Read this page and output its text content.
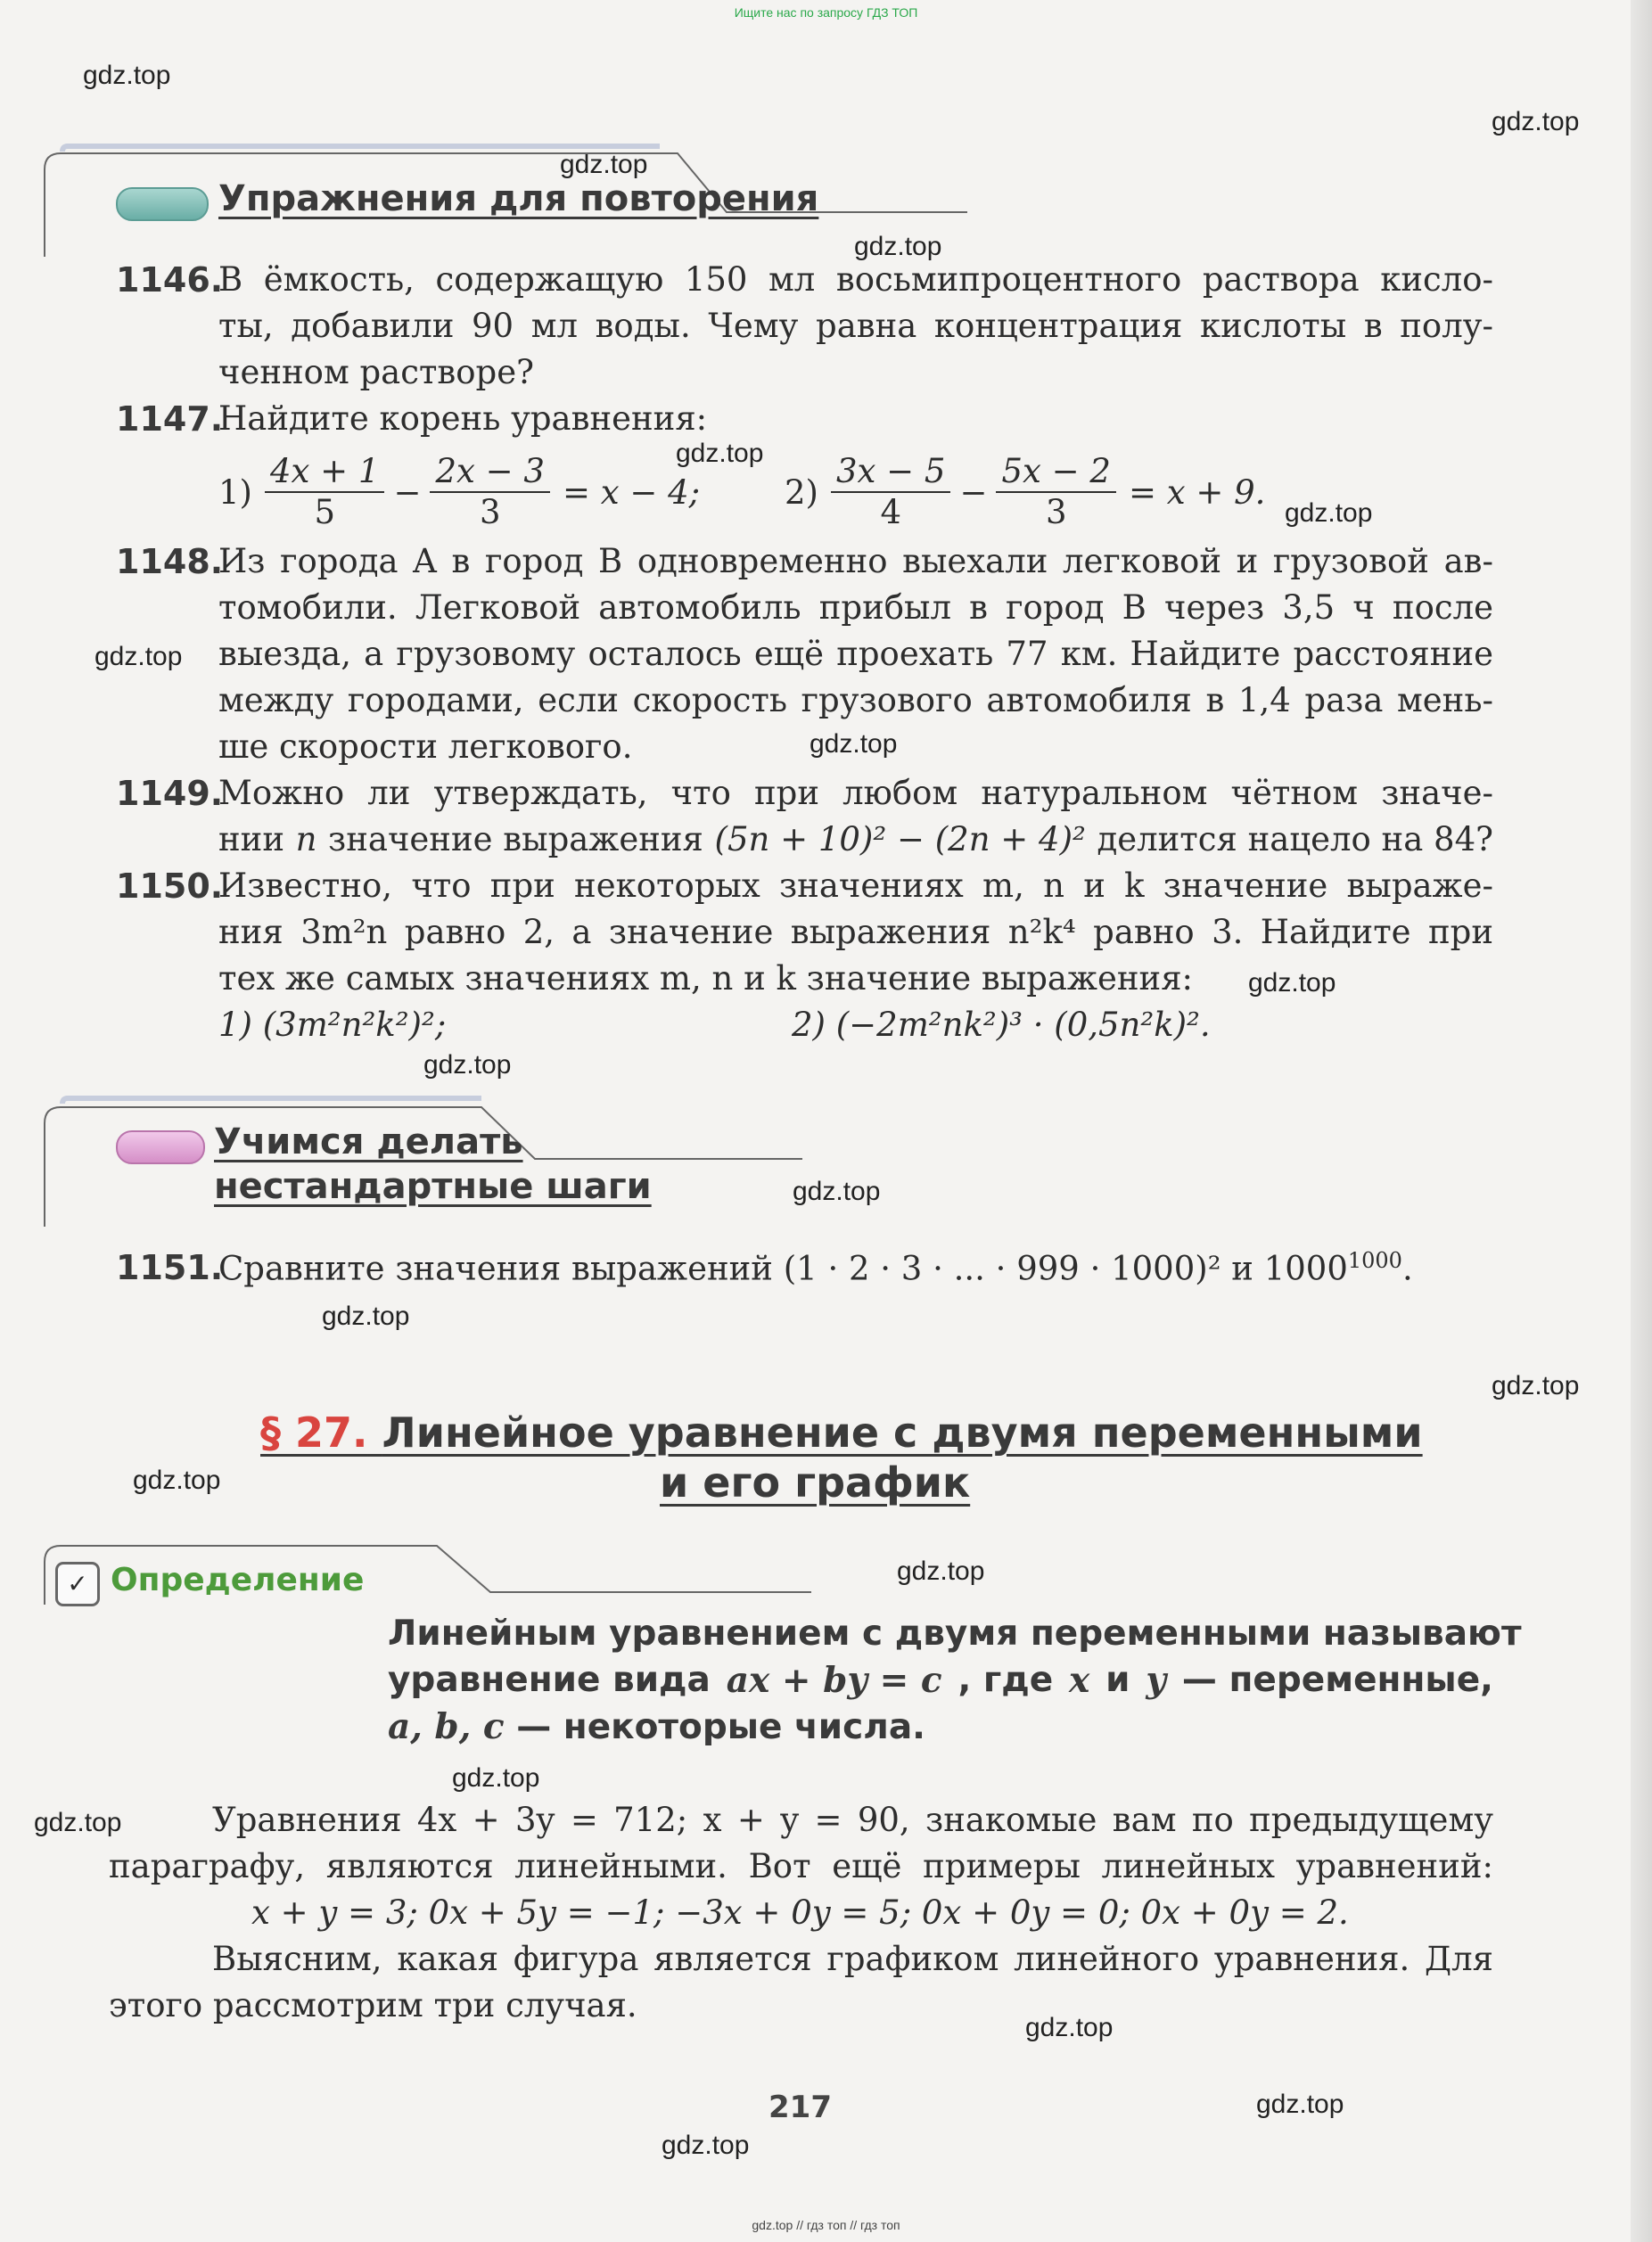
Ищите нас по запросу ГДЗ ТОП
gdz.top
gdz.top
gdz.top
gdz.top
gdz.top
gdz.top
gdz.top
gdz.top
gdz.top
gdz.top
gdz.top
gdz.top
gdz.top
gdz.top
gdz.top
gdz.top
gdz.top
gdz.top
gdz.top
gdz.top
Упражнения для повторения
1146.
В ёмкость, содержащую 150 мл восьмипроцентного раствора кисло-
ты, добавили 90 мл воды. Чему равна концентрация кислоты в полу-
ченном растворе?
1147.
Найдите корень уравнения:
$1) \frac{4x + 1}{5} - \frac{2x - 3}{3} = x - 4$;	$2) \frac{3x - 5}{4} - \frac{5x - 2}{3} = x + 9$.
1148.
Из города A в город B одновременно выехали легковой и грузовой ав-
томобили. Легковой автомобиль прибыл в город B через 3,5 ч после
выезда, а грузовому осталось ещё проехать 77 км. Найдите расстояние
между городами, если скорость грузового автомобиля в 1,4 раза мень-
ше скорости легкового.
1149.
Можно ли утверждать, что при любом натуральном чётном значе-
нии n значение выражения (5n + 10)² − (2n + 4)² делится нацело на 84?
1150.
Известно, что при некоторых значениях m, n и k значение выраже-
ния 3m²n равно 2, а значение выражения n²k⁴ равно 3. Найдите при
тех же самых значениях m, n и k значение выражения:
1) (3m²n²k²)²;	2) (−2m²nk²)³ · (0,5n²k)².
Учимся делать
нестандартные шаги
1151.
Сравните значения выражений (1 · 2 · 3 · ... · 999 · 1000)² и $1000^{1000}$.
§ 27. Линейное уравнение с двумя переменными
и его график
✓ Определение
Линейным уравнением с двумя переменными называют
уравнение вида ax + by = c , где x и y — переменные,
a, b, c — некоторые числа.
Уравнения 4x + 3y = 712; x + y = 90, знакомые вам по предыдущему
параграфу, являются линейными. Вот ещё примеры линейных уравнений:
x + y = 3; 0x + 5y = −1; −3x + 0y = 5; 0x + 0y = 0; 0x + 0y = 2.
Выясним, какая фигура является графиком линейного уравнения. Для
этого рассмотрим три случая.
217
gdz.top // гдз топ // гдз топ
